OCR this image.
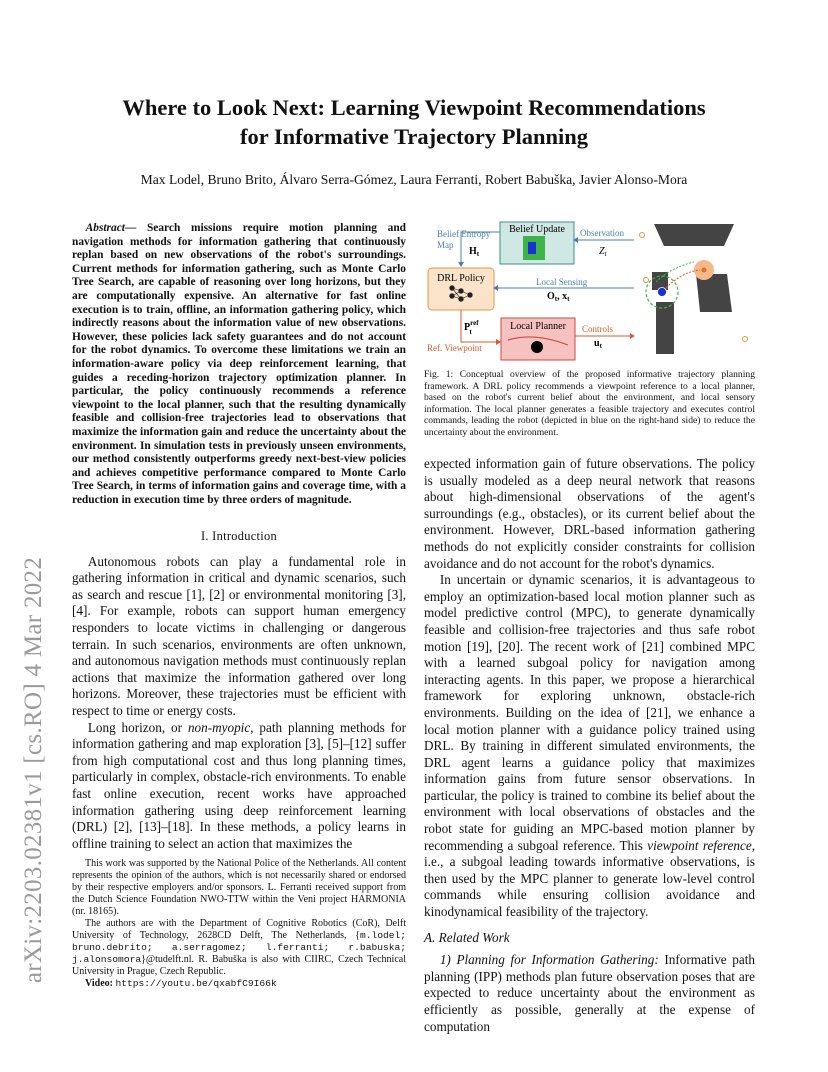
arXiv:2203.02381v1 [cs.RO] 4 Mar 2022
Where to Look Next: Learning Viewpoint Recommendations
for Informative Trajectory Planning
Max Lodel, Bruno Brito, Álvaro Serra-Gómez, Laura Ferranti, Robert Babuška, Javier Alonso-Mora
Abstract— Search missions require motion planning and navigation methods for information gathering that continuously replan based on new observations of the robot's surroundings. Current methods for information gathering, such as Monte Carlo Tree Search, are capable of reasoning over long horizons, but they are computationally expensive. An alternative for fast online execution is to train, offline, an information gathering policy, which indirectly reasons about the information value of new observations. However, these policies lack safety guarantees and do not account for the robot dynamics. To overcome these limitations we train an information-aware policy via deep reinforcement learning, that guides a receding-horizon trajectory optimization planner. In particular, the policy continuously recommends a reference viewpoint to the local planner, such that the resulting dynamically feasible and collision-free trajectories lead to observations that maximize the information gain and reduce the uncertainty about the environment. In simulation tests in previously unseen environments, our method consistently outperforms greedy next-best-view policies and achieves competitive performance compared to Monte Carlo Tree Search, in terms of information gains and coverage time, with a reduction in execution time by three orders of magnitude.

I. Introduction

Autonomous robots can play a fundamental role in gathering information in critical and dynamic scenarios, such as search and rescue [1], [2] or environmental monitoring [3], [4]. For example, robots can support human emergency responders to locate victims in challenging or dangerous terrain. In such scenarios, environments are often unknown, and autonomous navigation methods must continuously replan actions that maximize the information gathered over long horizons. Moreover, these trajectories must be efficient with respect to time or energy costs.

Long horizon, or non-myopic, path planning methods for information gathering and map exploration [3], [5]–[12] suffer from high computational cost and thus long planning times, particularly in complex, obstacle-rich environments. To enable fast online execution, recent works have approached information gathering using deep reinforcement learning (DRL) [2], [13]–[18]. In these methods, a policy learns in offline training to select an action that maximizes the

This work was supported by the National Police of the Netherlands. All content represents the opinion of the authors, which is not necessarily shared or endorsed by their respective employers and/or sponsors. L. Ferranti received support from the Dutch Science Foundation NWO-TTW within the Veni project HARMONIA (nr. 18165).

The authors are with the Department of Cognitive Robotics (CoR), Delft University of Technology, 2628CD Delft, The Netherlands, {m.lodel; bruno.debrito; a.serragomez; l.ferranti; r.babuska; j.alonsomora}@tudelft.nl. R. Babuška is also with CIIRC, Czech Technical University in Prague, Czech Republic.

Video: https://youtu.be/qxabfC9I66k

Belief Update
Belief Entropy
Map
$H_t$
Observation
$Z_t$
DRL Policy	Local Sensing
$O_t$, $x_t$
$P^{ref}$ t
Ref. Viewpoint
Local Planner Controls
$u_t$
Fig. 1: Conceptual overview of the proposed informative trajectory planning framework. A DRL policy recommends a viewpoint reference to a local planner, based on the robot's current belief about the environment, and local sensory information. The local planner generates a feasible trajectory and executes control commands, leading the robot (depicted in blue on the right-hand side) to reduce the uncertainty about the environment.

expected information gain of future observations. The policy is usually modeled as a deep neural network that reasons about high-dimensional observations of the agent's surroundings (e.g., obstacles), or its current belief about the environment. However, DRL-based information gathering methods do not explicitly consider constraints for collision avoidance and do not account for the robot's dynamics.

In uncertain or dynamic scenarios, it is advantageous to employ an optimization-based local motion planner such as model predictive control (MPC), to generate dynamically feasible and collision-free trajectories and thus safe robot motion [19], [20]. The recent work of [21] combined MPC with a learned subgoal policy for navigation among interacting agents. In this paper, we propose a hierarchical framework for exploring unknown, obstacle-rich environments. Building on the idea of [21], we enhance a local motion planner with a guidance policy trained using DRL. By training in different simulated environments, the DRL agent learns a guidance policy that maximizes information gains from future sensor observations. In particular, the policy is trained to combine its belief about the environment with local observations of obstacles and the robot state for guiding an MPC-based motion planner by recommending a subgoal reference. This viewpoint reference, i.e., a subgoal leading towards informative observations, is then used by the MPC planner to generate low-level control commands while ensuring collision avoidance and kinodynamical feasibility of the trajectory.

A. Related Work

1) Planning for Information Gathering: Informative path planning (IPP) methods plan future observation poses that are expected to reduce uncertainty about the environment as efficiently as possible, generally at the expense of computation
